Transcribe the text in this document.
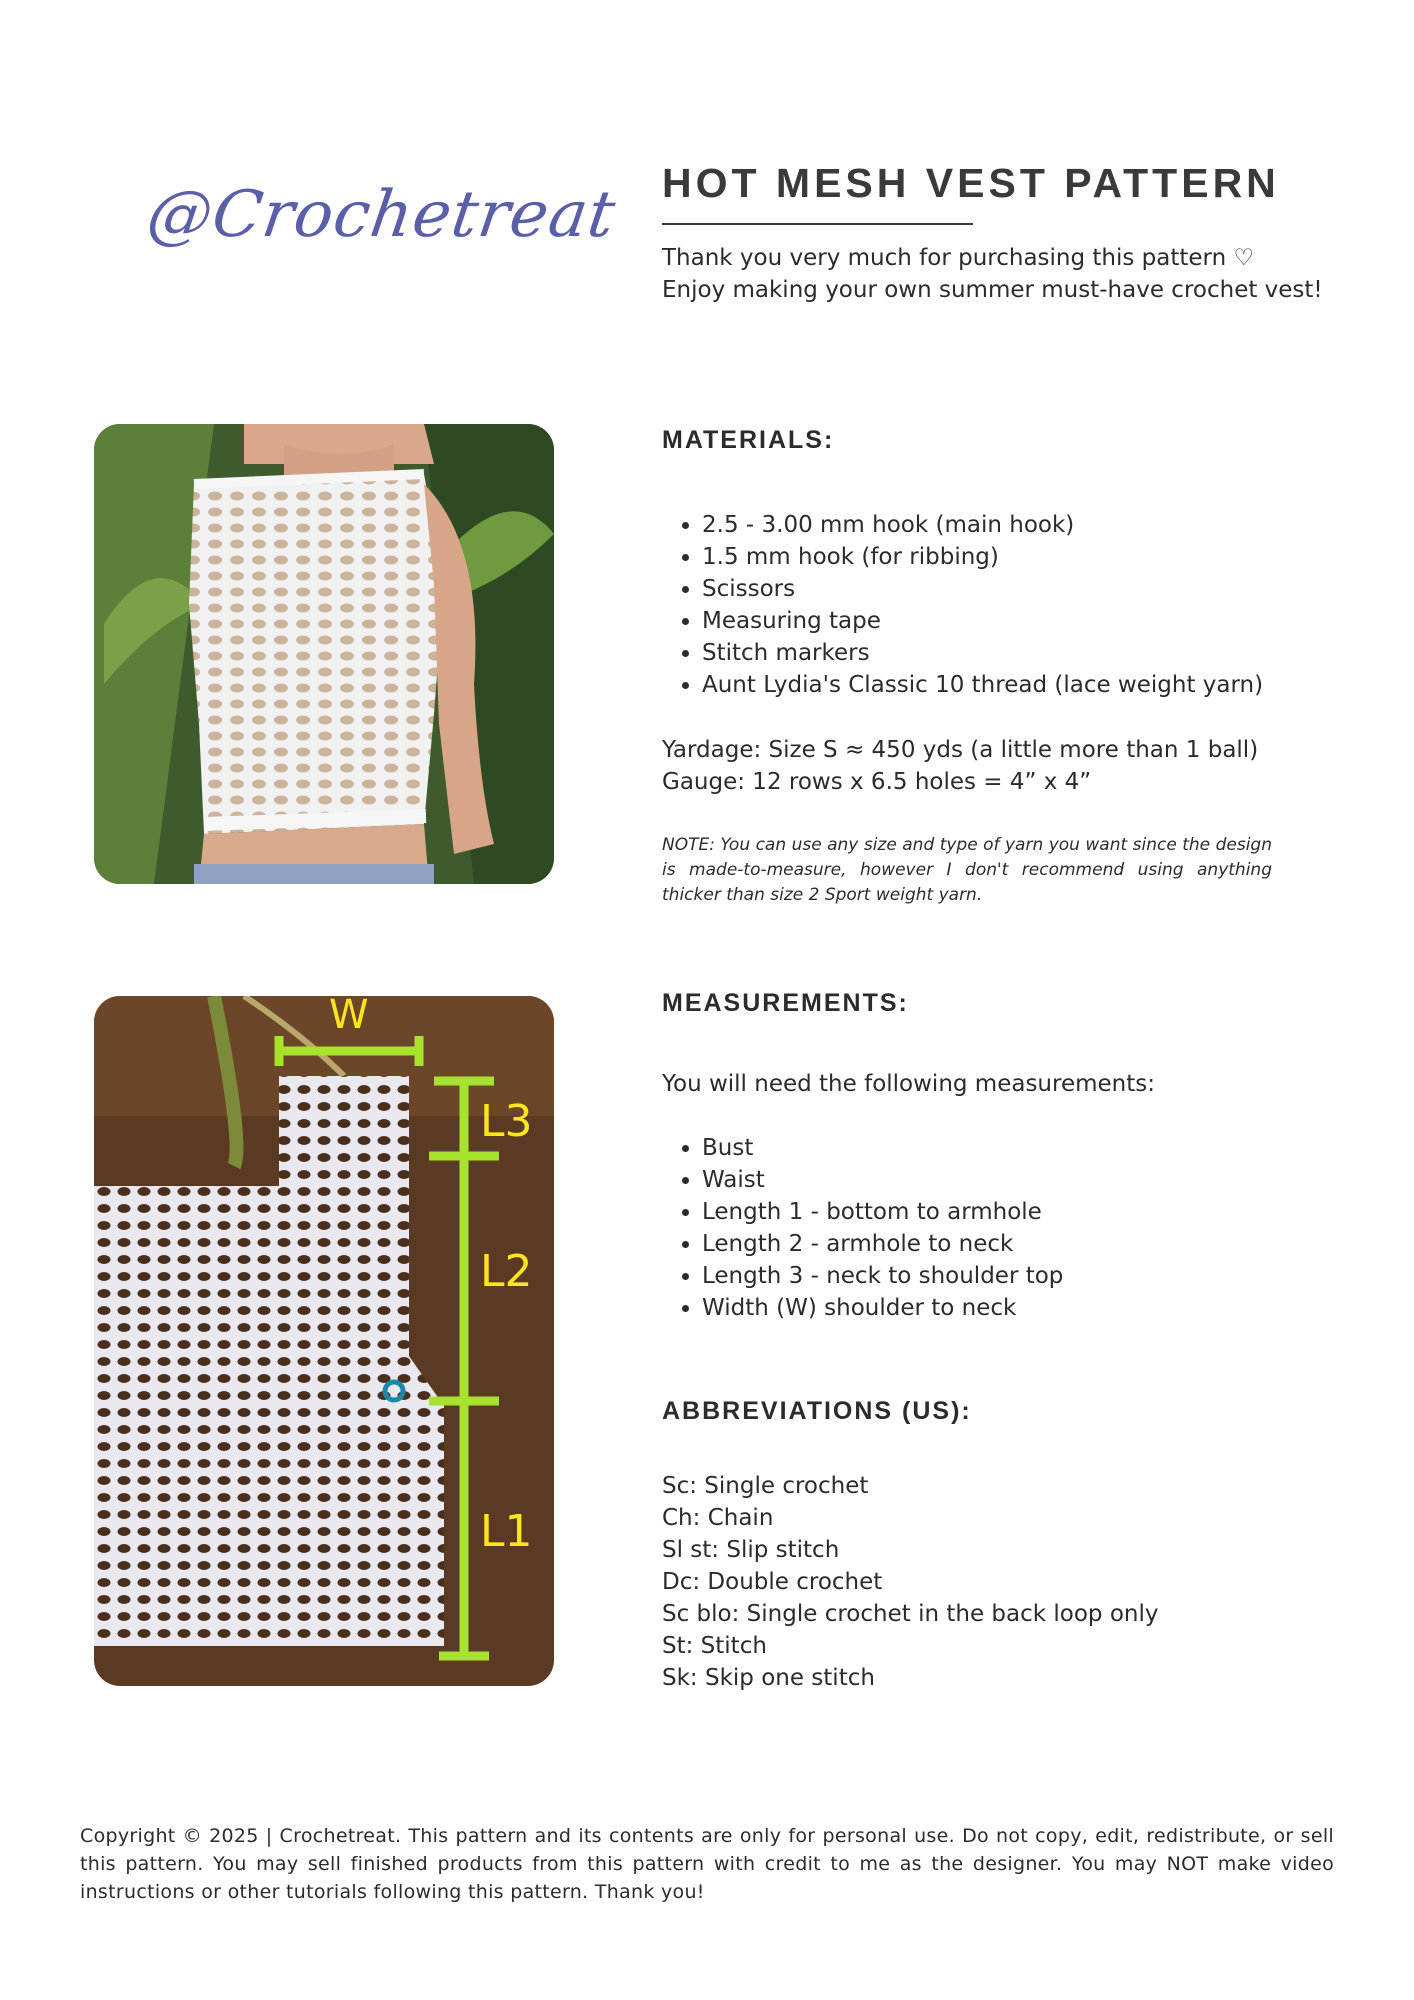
@Crochetreat HOT MESH VEST PATTERN
Thank you very much for purchasing this pattern ♡
Enjoy making your own summer must-have crochet vest!
W
L3
L2
L1
MATERIALS:
• 2.5 - 3.00 mm hook (main hook)
• 1.5 mm hook (for ribbing)
• Scissors
• Measuring tape
• Stitch markers
• Aunt Lydia's Classic 10 thread (lace weight yarn)
Yardage: Size S ≈ 450 yds (a little more than 1 ball)
Gauge: 12 rows x 6.5 holes = 4” x 4”
NOTE: You can use any size and type of yarn you want since the design is made-to-measure, however I don't recommend using anything thicker than size 2 Sport weight yarn.
MEASUREMENTS:
You will need the following measurements:
• Bust
• Waist
• Length 1 - bottom to armhole
• Length 2 - armhole to neck
• Length 3 - neck to shoulder top
• Width (W) shoulder to neck
ABBREVIATIONS (US):
Sc: Single crochet
Ch: Chain
Sl st: Slip stitch
Dc: Double crochet
Sc blo: Single crochet in the back loop only
St: Stitch
Sk: Skip one stitch
Copyright © 2025 | Crochetreat. This pattern and its contents are only for personal use. Do not copy, edit, redistribute, or sell this pattern. You may sell finished products from this pattern with credit to me as the designer. You may NOT make video instructions or other tutorials following this pattern. Thank you!
